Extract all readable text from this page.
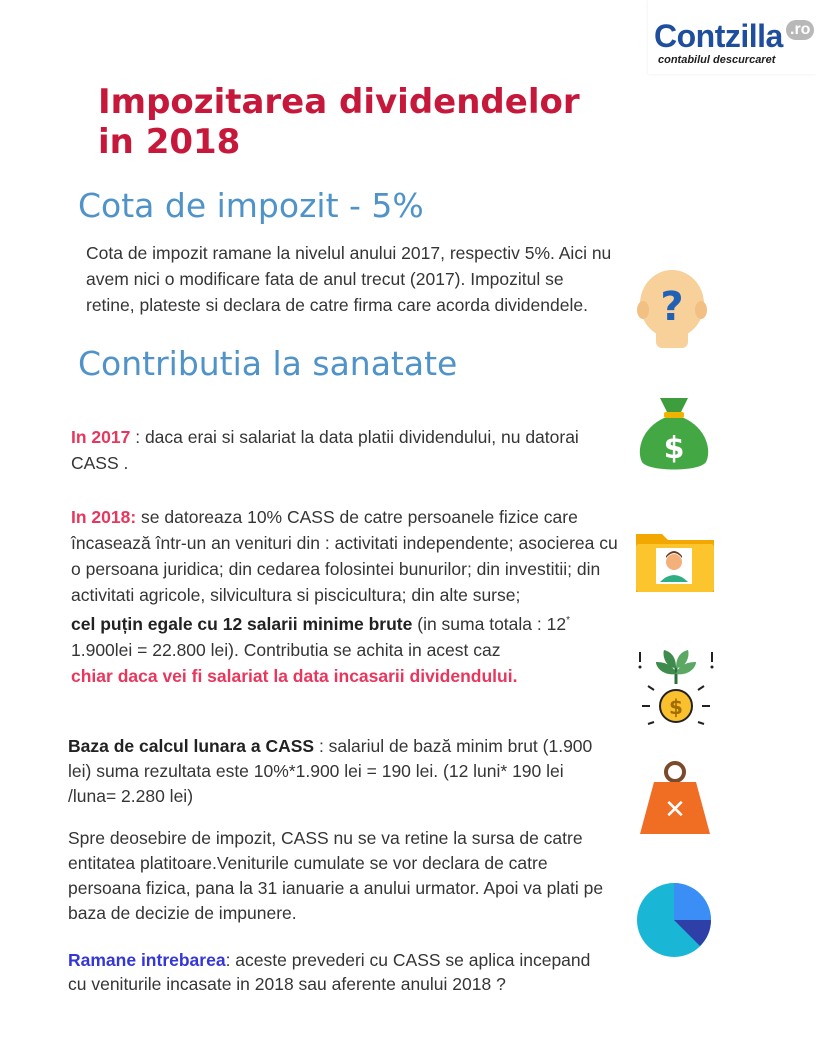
Contzilla .ro
contabilul descurcaret
Impozitarea dividendelor
in 2018
Cota de impozit - 5%
Cota de impozit ramane la nivelul anului 2017, respectiv 5%. Aici nu avem nici o modificare fata de anul trecut (2017). Impozitul se retine, plateste si declara de catre firma care acorda dividendele.
Contributia la sanatate
In 2017 : daca erai si salariat la data platii dividendului, nu datorai CASS .
In 2018: se datoreaza 10% CASS de catre persoanele fizice care încasează într-un an venituri din : activitati independente; asocierea cu o persoana juridica; din cedarea folosintei bunurilor; din investitii; din activitati agricole, silvicultura si piscicultura; din alte surse;
cel puțin egale cu 12 salarii minime brute (in suma totala : 12* 1.900lei = 22.800 lei). Contributia se achita in acest caz
chiar daca vei fi salariat la data incasarii dividendului.
Baza de calcul lunara a CASS : salariul de bază minim brut (1.900 lei) suma rezultata este 10%*1.900 lei = 190 lei. (12 luni* 190 lei /luna= 2.280 lei)
Spre deosebire de impozit, CASS nu se va retine la sursa de catre entitatea platitoare.Veniturile cumulate se vor declara de catre persoana fizica, pana la 31 ianuarie a anului urmator. Apoi va plati pe baza de decizie de impunere.
Ramane intrebarea: aceste prevederi cu CASS se aplica incepand cu veniturile incasate in 2018 sau aferente anului 2018 ?
?
$
$
✕
